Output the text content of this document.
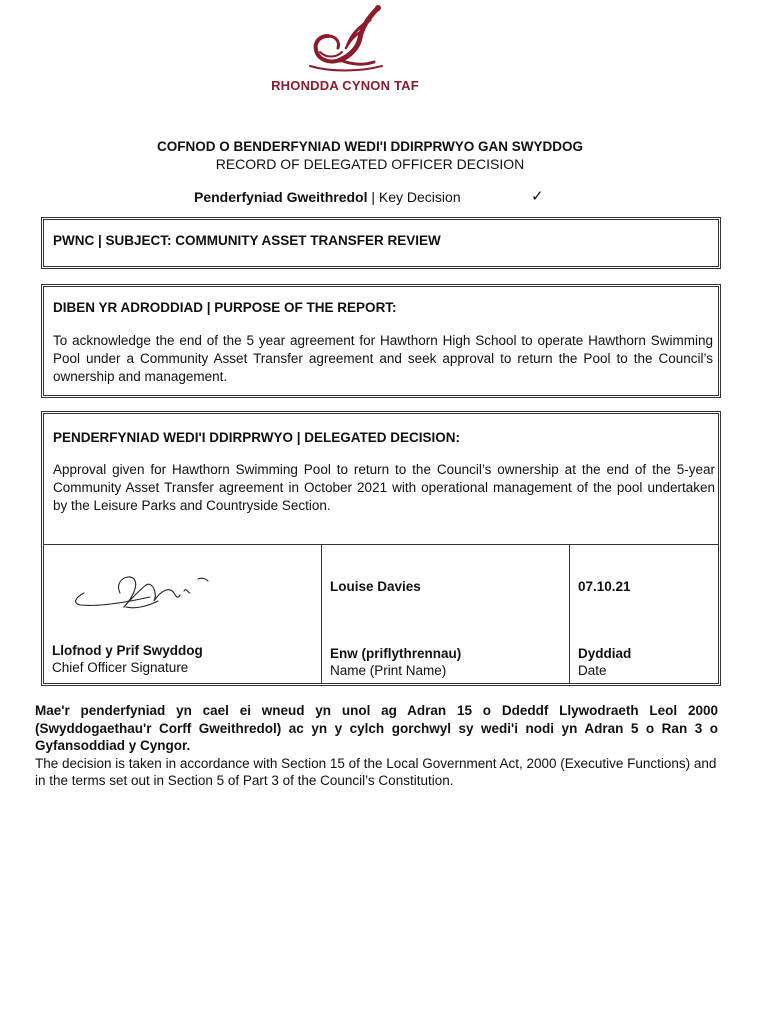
RHONDDA CYNON TAF
COFNOD O BENDERFYNIAD WEDI'I DDIRPRWYO GAN SWYDDOG
RECORD OF DELEGATED OFFICER DECISION
Penderfyniad Gweithredol | Key Decision	✓
PWNC | SUBJECT: COMMUNITY ASSET TRANSFER REVIEW
DIBEN YR ADRODDIAD | PURPOSE OF THE REPORT:
To acknowledge the end of the 5 year agreement for Hawthorn High School to operate Hawthorn Swimming Pool under a Community Asset Transfer agreement and seek approval to return the Pool to the Council’s ownership and management.
PENDERFYNIAD WEDI'I DDIRPRWYO | DELEGATED DECISION:
Approval given for Hawthorn Swimming Pool to return to the Council’s ownership at the end of the 5-year Community Asset Transfer agreement in October 2021 with operational management of the pool undertaken by the Leisure Parks and Countryside Section.
Llofnod y Prif Swyddog
Chief Officer Signature
Louise Davies
Enw (priflythrennau)
Name (Print Name)
07.10.21
Dyddiad
Date
Mae'r penderfyniad yn cael ei wneud yn unol ag Adran 15 o Ddeddf Llywodraeth Leol 2000 (Swyddogaethau'r Corff Gweithredol) ac yn y cylch gorchwyl sy wedi'i nodi yn Adran 5 o Ran 3 o Gyfansoddiad y Cyngor.
The decision is taken in accordance with Section 15 of the Local Government Act, 2000 (Executive Functions) and in the terms set out in Section 5 of Part 3 of the Council’s Constitution.
